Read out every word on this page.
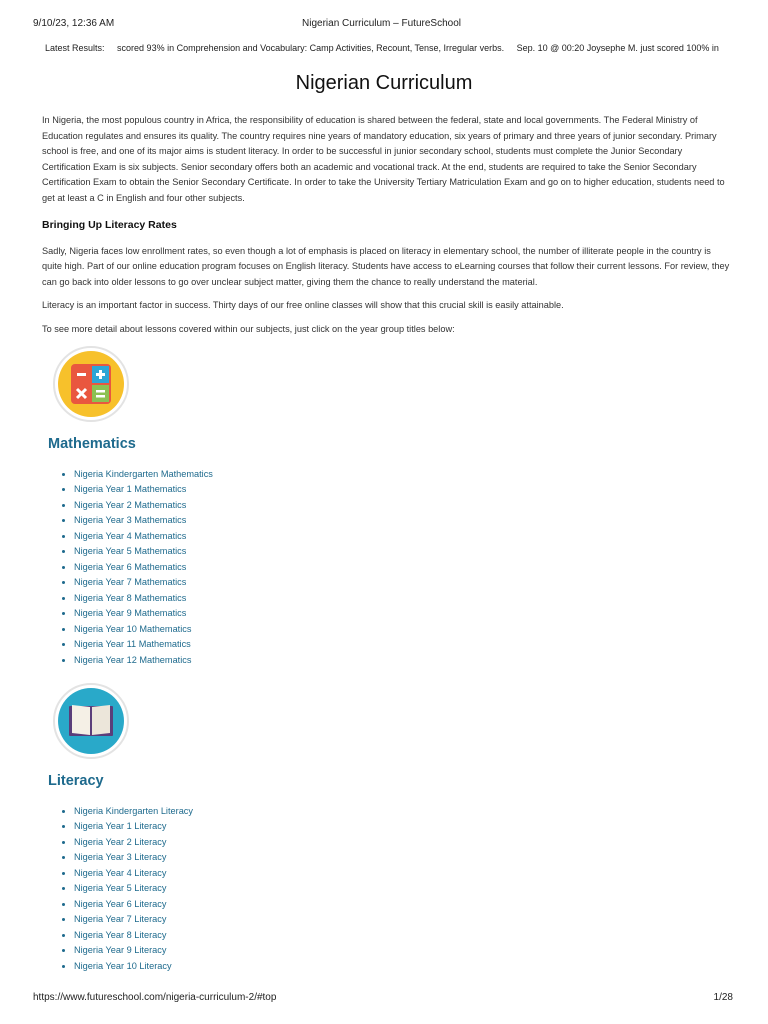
9/10/23, 12:36 AM	Nigerian Curriculum – FutureSchool
Latest Results: scored 93% in Comprehension and Vocabulary: Camp Activities, Recount, Tense, Irregular verbs. Sep. 10 @ 00:20 Joysephe M. just scored 100% in
Nigerian Curriculum

In Nigeria, the most populous country in Africa, the responsibility of education is shared between the federal, state and local governments. The Federal Ministry of Education regulates and ensures its quality. The country requires nine years of mandatory education, six years of primary and three years of junior secondary. Primary school is free, and one of its major aims is student literacy. In order to be successful in junior secondary school, students must complete the Junior Secondary Certification Exam is six subjects. Senior secondary offers both an academic and vocational track. At the end, students are required to take the Senior Secondary Certification Exam to obtain the Senior Secondary Certificate. In order to take the University Tertiary Matriculation Exam and go on to higher education, students need to get at least a C in English and four other subjects.

Bringing Up Literacy Rates

Sadly, Nigeria faces low enrollment rates, so even though a lot of emphasis is placed on literacy in elementary school, the number of illiterate people in the country is quite high. Part of our online education program focuses on English literacy. Students have access to eLearning courses that follow their current lessons. For review, they can go back into older lessons to go over unclear subject matter, giving them the chance to really understand the material.

Literacy is an important factor in success. Thirty days of our free online classes will show that this crucial skill is easily attainable.

To see more detail about lessons covered within our subjects, just click on the year group titles below:

Mathematics
• Nigeria Kindergarten Mathematics
• Nigeria Year 1 Mathematics
• Nigeria Year 2 Mathematics
• Nigeria Year 3 Mathematics
• Nigeria Year 4 Mathematics
• Nigeria Year 5 Mathematics
• Nigeria Year 6 Mathematics
• Nigeria Year 7 Mathematics
• Nigeria Year 8 Mathematics
• Nigeria Year 9 Mathematics
• Nigeria Year 10 Mathematics
• Nigeria Year 11 Mathematics
• Nigeria Year 12 Mathematics
Literacy
• Nigeria Kindergarten Literacy
• Nigeria Year 1 Literacy
• Nigeria Year 2 Literacy
• Nigeria Year 3 Literacy
• Nigeria Year 4 Literacy
• Nigeria Year 5 Literacy
• Nigeria Year 6 Literacy
• Nigeria Year 7 Literacy
• Nigeria Year 8 Literacy
• Nigeria Year 9 Literacy
• Nigeria Year 10 Literacy
https://www.futureschool.com/nigeria-curriculum-2/#top	1/28
